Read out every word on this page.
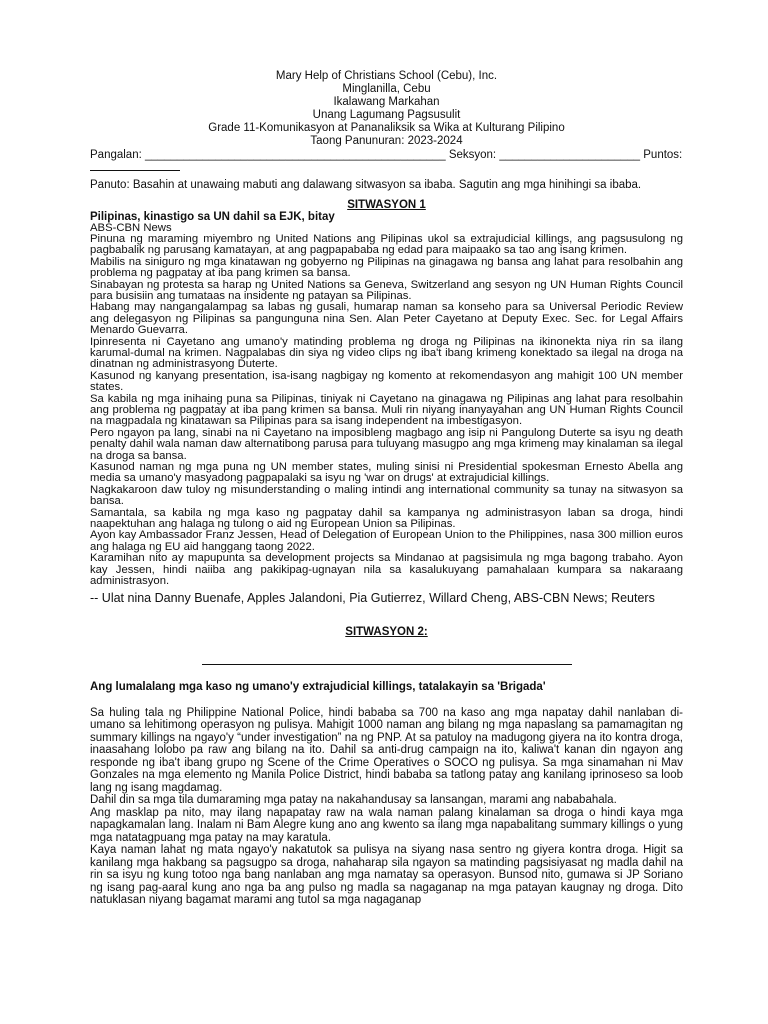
Mary Help of Christians School (Cebu), Inc.
Minglanilla, Cebu
Ikalawang Markahan
Unang Lagumang Pagsusulit
Grade 11-Komunikasyon at Pananaliksik sa Wika at Kulturang Pilipino
Taong Panunuran: 2023-2024
Pangalan: _______________________________________________ Seksyon: ______________________ Puntos:
Panuto: Basahin at unawaing mabuti ang dalawang sitwasyon sa ibaba. Sagutin ang mga hinihingi sa ibaba.
SITWASYON 1
Pilipinas, kinastigo sa UN dahil sa EJK, bitay
ABS-CBN News

Pinuna ng maraming miyembro ng United Nations ang Pilipinas ukol sa extrajudicial killings, ang pagsusulong ng pagbabalik ng parusang kamatayan, at ang pagpapababa ng edad para maipaako sa tao ang isang krimen.

Mabilis na siniguro ng mga kinatawan ng gobyerno ng Pilipinas na ginagawa ng bansa ang lahat para resolbahin ang problema ng pagpatay at iba pang krimen sa bansa.

Sinabayan ng protesta sa harap ng United Nations sa Geneva, Switzerland ang sesyon ng UN Human Rights Council para busisiin ang tumataas na insidente ng patayan sa Pilipinas.

Habang may nangangalampag sa labas ng gusali, humarap naman sa konseho para sa Universal Periodic Review ang delegasyon ng Pilipinas sa pangunguna nina Sen. Alan Peter Cayetano at Deputy Exec. Sec. for Legal Affairs Menardo Guevarra.

Ipinresenta ni Cayetano ang umano'y matinding problema ng droga ng Pilipinas na ikinonekta niya rin sa ilang karumal-dumal na krimen. Nagpalabas din siya ng video clips ng iba't ibang krimeng konektado sa ilegal na droga na dinatnan ng administrasyong Duterte.

Kasunod ng kanyang presentation, isa-isang nagbigay ng komento at rekomendasyon ang mahigit 100 UN member states.

Sa kabila ng mga inihaing puna sa Pilipinas, tiniyak ni Cayetano na ginagawa ng Pilipinas ang lahat para resolbahin ang problema ng pagpatay at iba pang krimen sa bansa. Muli rin niyang inanyayahan ang UN Human Rights Council na magpadala ng kinatawan sa Pilipinas para sa isang independent na imbestigasyon.

Pero ngayon pa lang, sinabi na ni Cayetano na imposibleng magbago ang isip ni Pangulong Duterte sa isyu ng death penalty dahil wala naman daw alternatibong parusa para tuluyang masugpo ang mga krimeng may kinalaman sa ilegal na droga sa bansa.

Kasunod naman ng mga puna ng UN member states, muling sinisi ni Presidential spokesman Ernesto Abella ang media sa umano'y masyadong pagpapalaki sa isyu ng 'war on drugs' at extrajudicial killings.

Nagkakaroon daw tuloy ng misunderstanding o maling intindi ang international community sa tunay na sitwasyon sa bansa.

Samantala, sa kabila ng mga kaso ng pagpatay dahil sa kampanya ng administrasyon laban sa droga, hindi naapektuhan ang halaga ng tulong o aid ng European Union sa Pilipinas.

Ayon kay Ambassador Franz Jessen, Head of Delegation of European Union to the Philippines, nasa 300 million euros ang halaga ng EU aid hanggang taong 2022.

Karamihan nito ay mapupunta sa development projects sa Mindanao at pagsisimula ng mga bagong trabaho. Ayon kay Jessen, hindi naiiba ang pakikipag-ugnayan nila sa kasalukuyang pamahalaan kumpara sa nakaraang administrasyon.

-- Ulat nina Danny Buenafe, Apples Jalandoni, Pia Gutierrez, Willard Cheng, ABS-CBN News; Reuters
SITWASYON 2:
Ang lumalalang mga kaso ng umano'y extrajudicial killings, tatalakayin sa 'Brigada'

Sa huling tala ng Philippine National Police, hindi bababa sa 700 na kaso ang mga napatay dahil nanlaban di-umano sa lehitimong operasyon ng pulisya. Mahigit 1000 naman ang bilang ng mga napaslang sa pamamagitan ng summary killings na ngayo'y “under investigation” na ng PNP. At sa patuloy na madugong giyera na ito kontra droga, inaasahang lolobo pa raw ang bilang na ito. Dahil sa anti-drug campaign na ito, kaliwa't kanan din ngayon ang responde ng iba't ibang grupo ng Scene of the Crime Operatives o SOCO ng pulisya. Sa mga sinamahan ni Mav Gonzales na mga elemento ng Manila Police District, hindi bababa sa tatlong patay ang kanilang iprinoseso sa loob lang ng isang magdamag.

Dahil din sa mga tila dumaraming mga patay na nakahandusay sa lansangan, marami ang nababahala.

Ang masklap pa nito, may ilang napapatay raw na wala naman palang kinalaman sa droga o hindi kaya mga napagkamalan lang. Inalam ni Bam Alegre kung ano ang kwento sa ilang mga napabalitang summary killings o yung mga natatagpuang mga patay na may karatula.

Kaya naman lahat ng mata ngayo'y nakatutok sa pulisya na siyang nasa sentro ng giyera kontra droga. Higit sa kanilang mga hakbang sa pagsugpo sa droga, nahaharap sila ngayon sa matinding pagsisiyasat ng madla dahil na rin sa isyu ng kung totoo nga bang nanlaban ang mga namatay sa operasyon. Bunsod nito, gumawa si JP Soriano ng isang pag-aaral kung ano nga ba ang pulso ng madla sa nagaganap na mga patayan kaugnay ng droga. Dito natuklasan niyang bagamat marami ang tutol sa mga nagaganap
